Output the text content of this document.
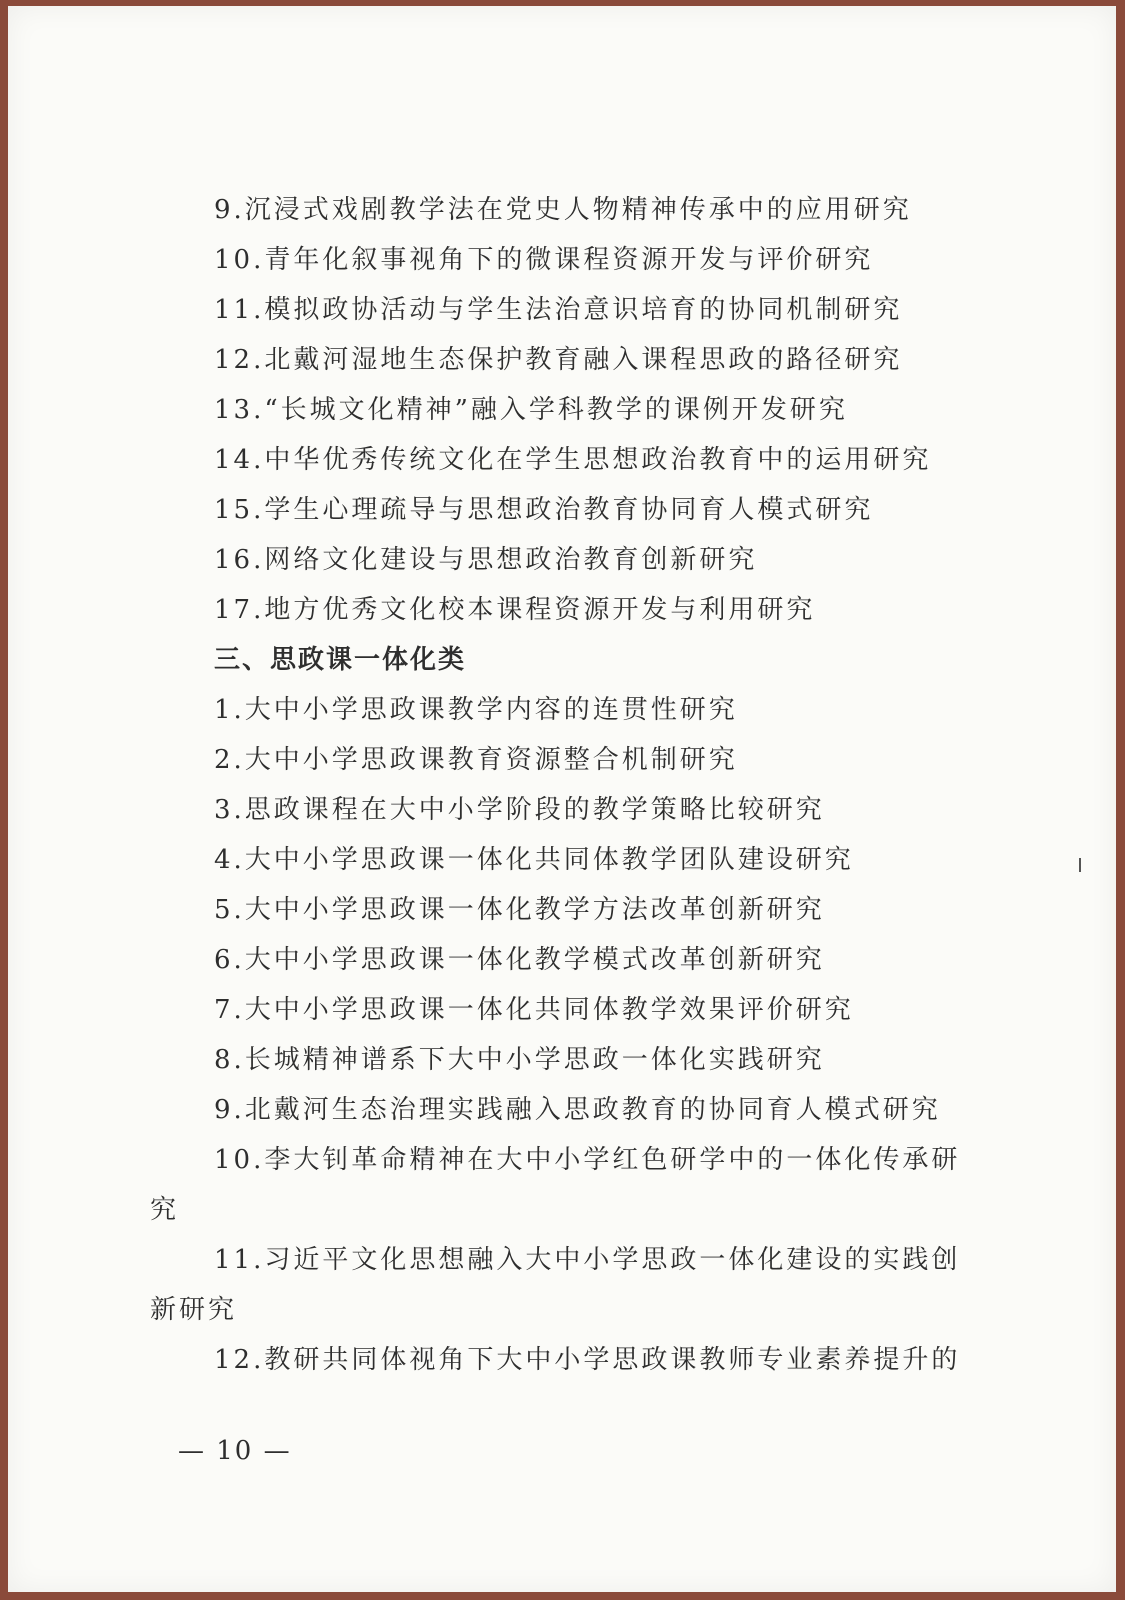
9.沉浸式戏剧教学法在党史人物精神传承中的应用研究
10.青年化叙事视角下的微课程资源开发与评价研究
11.模拟政协活动与学生法治意识培育的协同机制研究
12.北戴河湿地生态保护教育融入课程思政的路径研究
13.“长城文化精神”融入学科教学的课例开发研究
14.中华优秀传统文化在学生思想政治教育中的运用研究
15.学生心理疏导与思想政治教育协同育人模式研究
16.网络文化建设与思想政治教育创新研究
17.地方优秀文化校本课程资源开发与利用研究
三、思政课一体化类
1.大中小学思政课教学内容的连贯性研究
2.大中小学思政课教育资源整合机制研究
3.思政课程在大中小学阶段的教学策略比较研究
4.大中小学思政课一体化共同体教学团队建设研究
5.大中小学思政课一体化教学方法改革创新研究
6.大中小学思政课一体化教学模式改革创新研究
7.大中小学思政课一体化共同体教学效果评价研究
8.长城精神谱系下大中小学思政一体化实践研究
9.北戴河生态治理实践融入思政教育的协同育人模式研究
10.李大钊革命精神在大中小学红色研学中的一体化传承研
究
11.习近平文化思想融入大中小学思政一体化建设的实践创
新研究
12.教研共同体视角下大中小学思政课教师专业素养提升的
— 10 —
